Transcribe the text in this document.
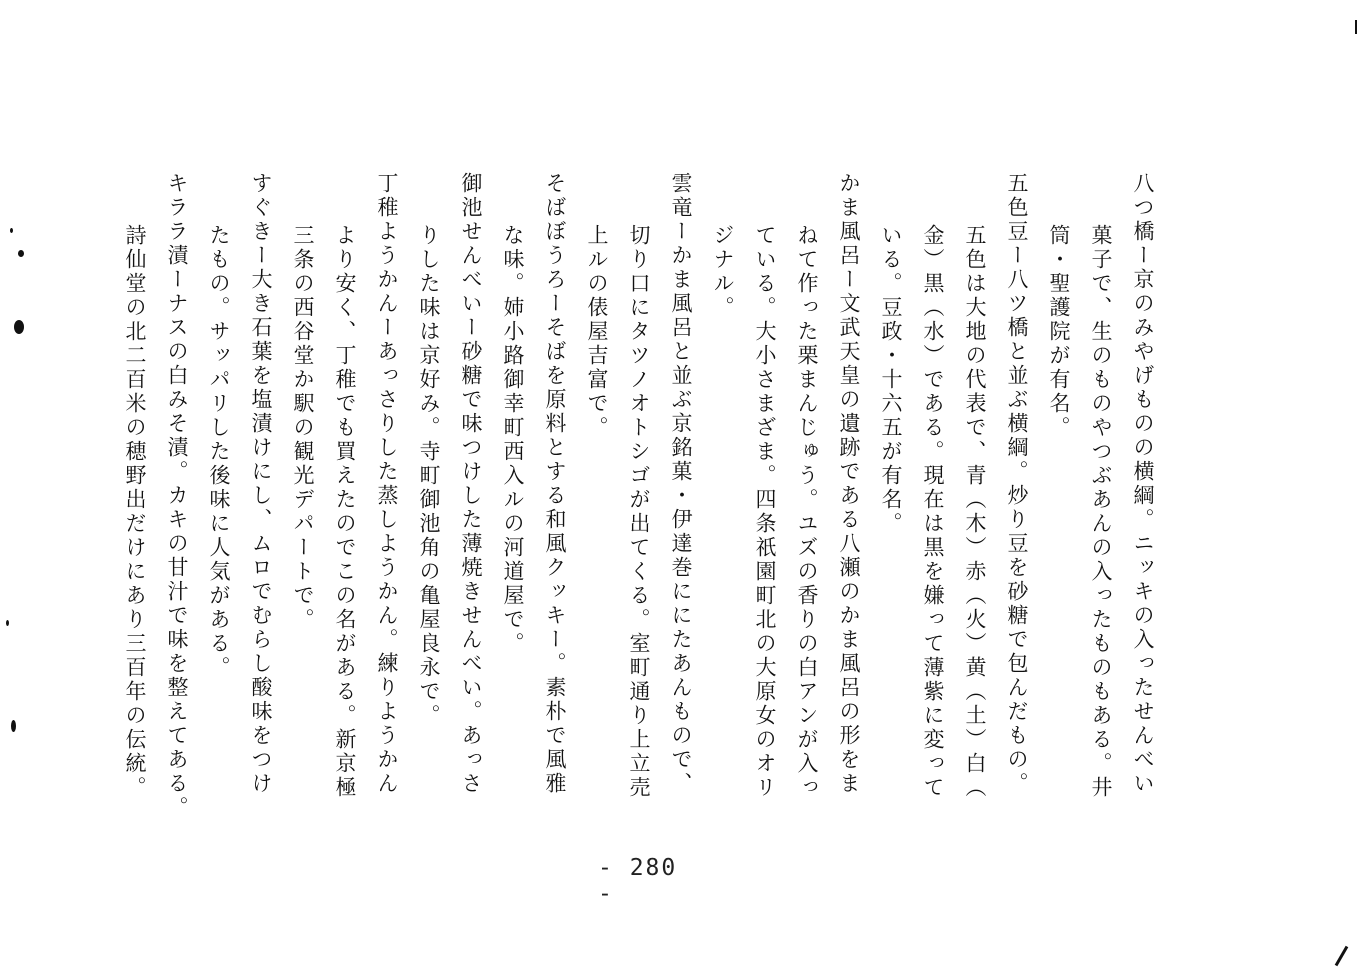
八つ橋ー京のみやげものの横綱。ニッキの入ったせんべい
菓子で、生のものやつぶあんの入ったものもある。井
筒・聖護院が有名。
五色豆ー八ツ橋と並ぶ横綱。炒り豆を砂糖で包んだもの。
五色は大地の代表で、青（木）赤（火）黄（土）白（
金）黒（水）である。現在は黒を嫌って薄紫に変って
いる。豆政・十六五が有名。
かま風呂ー文武天皇の遺跡である八瀬のかま風呂の形をま
ねて作った栗まんじゅう。ユズの香りの白アンが入っ
ている。大小さまざま。四条祇園町北の大原女のオリ
ジナル。
雲竜ーかま風呂と並ぶ京銘菓・伊達巻ににたあんもので、
切り口にタツノオトシゴが出てくる。室町通り上立売
上ルの俵屋吉富で。
そばぼうろーそばを原料とする和風クッキー。素朴で風雅
な味。姉小路御幸町西入ルの河道屋で。
御池せんべいー砂糖で味つけした薄焼きせんべい。あっさ
りした味は京好み。寺町御池角の亀屋良永で。
丁稚ようかんーあっさりした蒸しようかん。練りようかん
より安く、丁稚でも買えたのでこの名がある。新京極
三条の西谷堂か駅の観光デパートで。
すぐきー大き石葉を塩漬けにし、ムロでむらし酸味をつけ
たもの。サッパリした後味に人気がある。
キララ漬ーナスの白みそ漬。カキの甘汁で味を整えてある。
詩仙堂の北二百米の穂野出だけにあり三百年の伝統。
- 280 -
